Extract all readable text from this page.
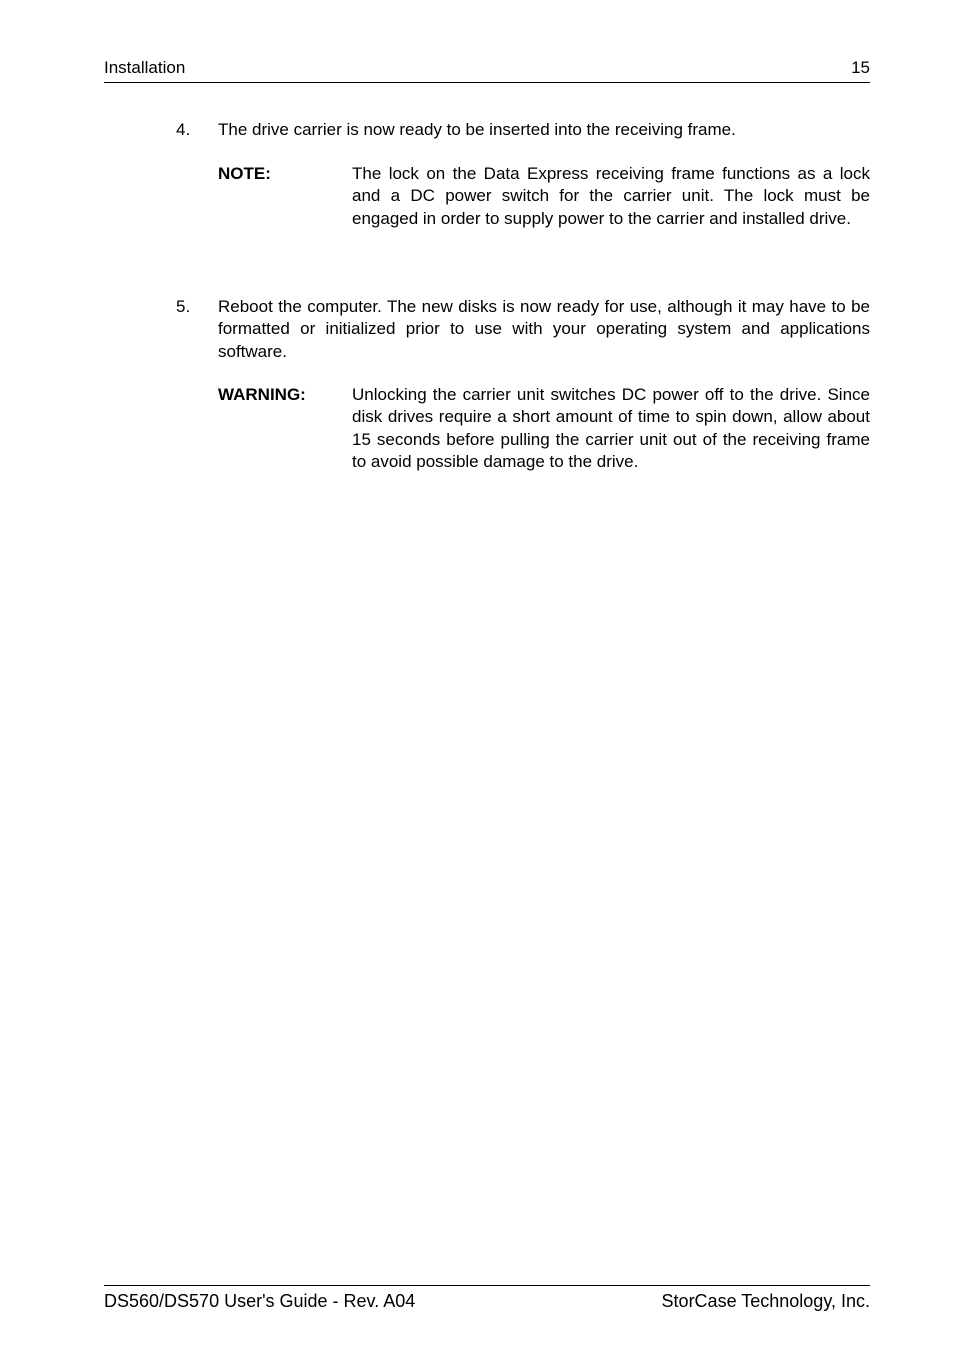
Installation	15
4. The drive carrier is now ready to be inserted into the receiving frame.
NOTE:	The lock on the Data Express receiving frame functions as a lock and a DC power switch for the carrier unit. The lock must be engaged in order to supply power to the carrier and installed drive.
5. Reboot the computer. The new disks is now ready for use, although it may have to be formatted or initialized prior to use with your operating system and applications software.
WARNING:	Unlocking the carrier unit switches DC power off to the drive. Since disk drives require a short amount of time to spin down, allow about 15 seconds before pulling the carrier unit out of the receiving frame to avoid possible damage to the drive.
DS560/DS570 User's Guide - Rev. A04	StorCase Technology, Inc.
